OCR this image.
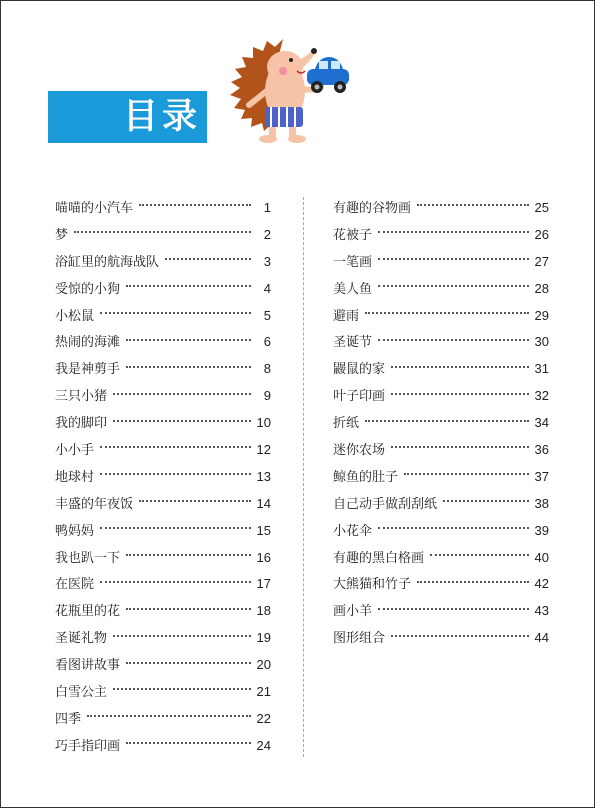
目录
喵喵的小汽车	1
梦	2
浴缸里的航海战队	3
受惊的小狗	4
小松鼠	5
热闹的海滩	6
我是神剪手	8
三只小猪	9
我的脚印	10
小小手	12
地球村	13
丰盛的年夜饭	14
鸭妈妈	15
我也趴一下	16
在医院	17
花瓶里的花	18
圣诞礼物	19
看图讲故事	20
白雪公主	21
四季	22
巧手指印画	24
有趣的谷物画	25
花被子	26
一笔画	27
美人鱼	28
避雨	29
圣诞节	30
鼹鼠的家	31
叶子印画	32
折纸	34
迷你农场	36
鲸鱼的肚子	37
自己动手做刮刮纸	38
小花伞	39
有趣的黑白格画	40
大熊猫和竹子	42
画小羊	43
图形组合	44
